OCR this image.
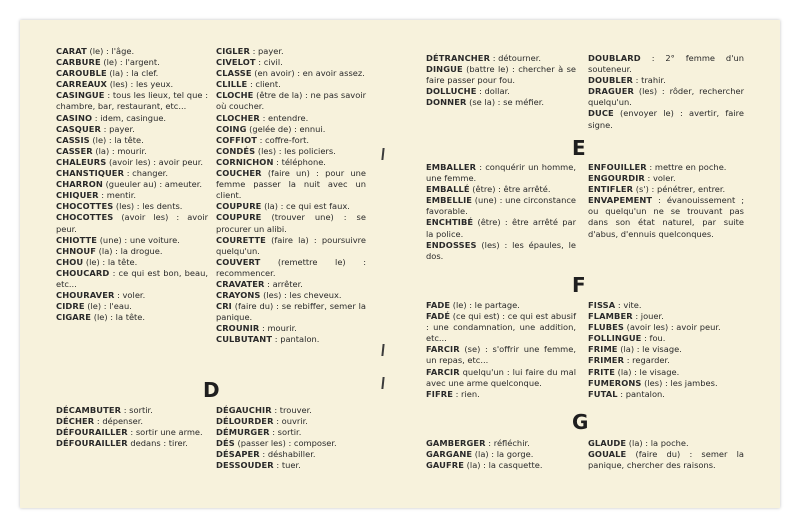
CARAT (le) : l'âge.
CARBURE (le) : l'argent.
CAROUBLE (la) : la clef.
CARREAUX (les) : les yeux.
CASINGUE : tous les lieux, tel que : chambre, bar, restaurant, etc...
CASINO : idem, casingue.
CASQUER : payer.
CASSIS (le) : la tête.
CASSER (la) : mourir.
CHALEURS (avoir les) : avoir peur.
CHANSTIQUER : changer.
CHARRON (gueuler au) : ameuter.
CHIQUER : mentir.
CHOCOTTES (les) : les dents.
CHOCOTTES (avoir les) : avoir peur.
CHIOTTE (une) : une voiture.
CHNOUF (la) : la drogue.
CHOU (le) : la tête.
CHOUCARD : ce qui est bon, beau, etc...
CHOURAVER : voler.
CIDRE (le) : l'eau.
CIGARE (le) : la tête.
CIGLER : payer.
CIVELOT : civil.
CLASSE (en avoir) : en avoir assez.
CLILLE : client.
CLOCHE (être de la) : ne pas savoir où coucher.
CLOCHER : entendre.
COING (gelée de) : ennui.
COFFIOT : coffre-fort.
CONDÉS (les) : les policiers.
CORNICHON : téléphone.
COUCHER (faire un) : pour une femme passer la nuit avec un client.
COUPURE (la) : ce qui est faux.
COUPURE (trouver une) : se procurer un alibi.
COURETTE (faire la) : poursuivre quelqu'un.
COUVERT (remettre le) : recommencer.
CRAVATER : arrêter.
CRAYONS (les) : les cheveux.
CRI (faire du) : se rebiffer, semer la panique.
CROUNIR : mourir.
CULBUTANT : pantalon.
D
DÉCAMBUTER : sortir.
DÉCHER : dépenser.
DÉFOURAILLER : sortir une arme.
DÉFOURAILLER dedans : tirer.
DÉGAUCHIR : trouver.
DÉLOURDER : ouvrir.
DÉMURGER : sortir.
DÉS (passer les) : composer.
DÉSAPER : déshabiller.
DESSOUDER : tuer.
DÉTRANCHER : détourner.
DINGUE (battre le) : chercher à se faire passer pour fou.
DOLLUCHE : dollar.
DONNER (se la) : se méfier.
DOUBLARD : 2° femme d'un souteneur.
DOUBLER : trahir.
DRAGUER (les) : rôder, rechercher quelqu'un.
DUCE (envoyer le) : avertir, faire signe.
E
EMBALLER : conquérir un homme, une femme.
EMBALLÉ (être) : être arrêté.
EMBELLIE (une) : une circonstance favorable.
ENCHTIBÉ (être) : être arrêté par la police.
ENDOSSES (les) : les épaules, le dos.
ENFOUILLER : mettre en poche.
ENGOURDIR : voler.
ENTIFLER (s') : pénétrer, entrer.
ENVAPEMENT : évanouissement ; ou quelqu'un ne se trouvant pas dans son état naturel, par suite d'abus, d'ennuis quelconques.
F
FADE (le) : le partage.
FADÉ (ce qui est) : ce qui est abusif : une condamnation, une addition, etc...
FARCIR (se) : s'offrir une femme, un repas, etc...
FARCIR quelqu'un : lui faire du mal avec une arme quelconque.
FIFRE : rien.
FISSA : vite.
FLAMBER : jouer.
FLUBES (avoir les) : avoir peur.
FOLLINGUE : fou.
FRIME (la) : le visage.
FRIMER : regarder.
FRITE (la) : le visage.
FUMERONS (les) : les jambes.
FUTAL : pantalon.
G
GAMBERGER : réfléchir.
GARGANE (la) : la gorge.
GAUFRE (la) : la casquette.
GLAUDE (la) : la poche.
GOUALE (faire du) : semer la panique, chercher des raisons.
